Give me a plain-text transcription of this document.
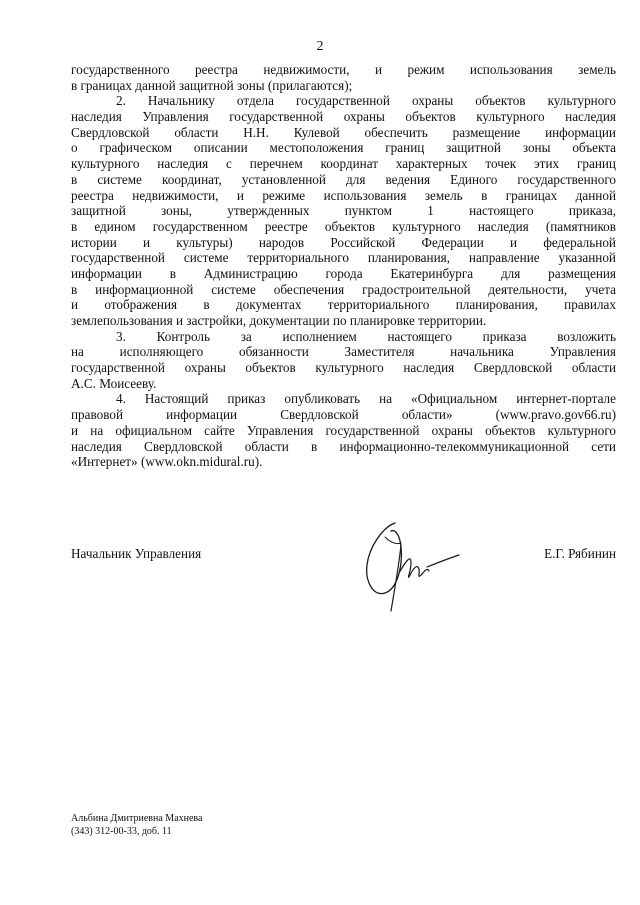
2
государственного реестра недвижимости, и режим использования земель
в границах данной защитной зоны (прилагаются);
2. Начальнику отдела государственной охраны объектов культурного
наследия Управления государственной охраны объектов культурного наследия
Свердловской области Н.Н. Кулевой обеспечить размещение информации
о графическом описании местоположения границ защитной зоны объекта
культурного наследия с перечнем координат характерных точек этих границ
в системе координат, установленной для ведения Единого государственного
реестра недвижимости, и режиме использования земель в границах данной
защитной зоны, утвержденных пунктом 1 настоящего приказа,
в едином государственном реестре объектов культурного наследия (памятников
истории и культуры) народов Российской Федерации и федеральной
государственной системе территориального планирования, направление указанной
информации в Администрацию города Екатеринбурга для размещения
в информационной системе обеспечения градостроительной деятельности, учета
и отображения в документах территориального планирования, правилах
землепользования и застройки, документации по планировке территории.
3. Контроль за исполнением настоящего приказа возложить
на исполняющего обязанности Заместителя начальника Управления
государственной охраны объектов культурного наследия Свердловской области
А.С. Моисееву.
4. Настоящий приказ опубликовать на «Официальном интернет-портале
правовой информации Свердловской области» (www.pravo.gov66.ru)
и на официальном сайте Управления государственной охраны объектов культурного
наследия Свердловской области в информационно-телекоммуникационной сети
«Интернет» (www.okn.midural.ru).
Начальник Управления	Е.Г. Рябинин
Альбина Дмитриевна Махнева
(343) 312-00-33, доб. 11
